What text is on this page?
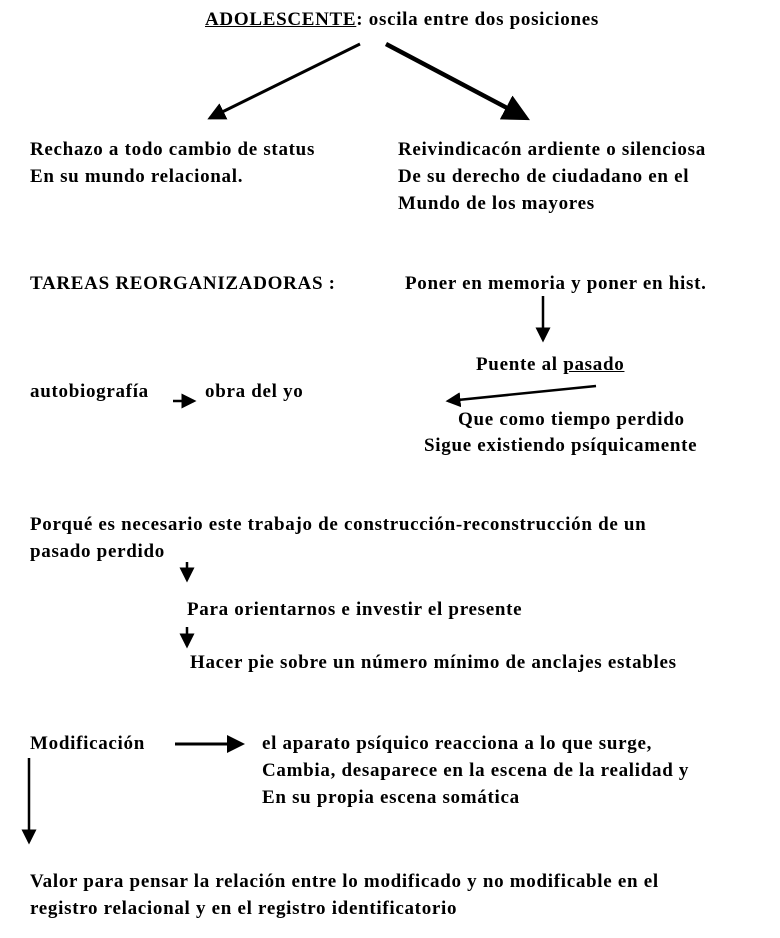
ADOLESCENTE: oscila entre dos posiciones
Rechazo a todo cambio de status
En su mundo relacional.
Reivindicacón ardiente o silenciosa
De su derecho de ciudadano en el
Mundo de los mayores
TAREAS REORGANIZADORAS :	Poner en memoria y poner en hist.
Puente al pasado
autobiografía	obra del yo
Que como tiempo perdido
Sigue existiendo psíquicamente
Porqué es necesario este trabajo de construcción-reconstrucción de un
pasado perdido
Para orientarnos e investir el presente
Hacer pie sobre un número mínimo de anclajes estables
Modificación	el aparato psíquico reacciona a lo que surge,
Cambia, desaparece en la escena de la realidad y
En su propia escena somática
Valor para pensar la relación entre lo modificado y no modificable en el
registro relacional y en el registro identificatorio
